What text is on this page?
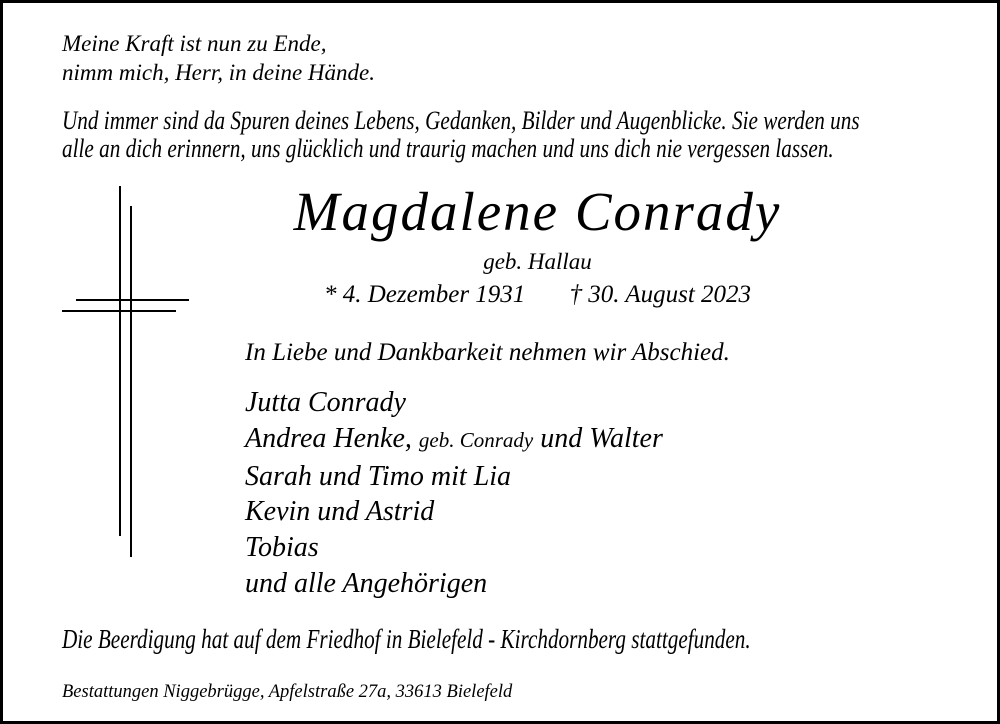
Meine Kraft ist nun zu Ende,
nimm mich, Herr, in deine Hände.
Und immer sind da Spuren deines Lebens, Gedanken, Bilder und Augenblicke. Sie werden uns
alle an dich erinnern, uns glücklich und traurig machen und uns dich nie vergessen lassen.
Magdalene Conrady
geb. Hallau
* 4. Dezember 1931 † 30. August 2023
In Liebe und Dankbarkeit nehmen wir Abschied.
Jutta Conrady
Andrea Henke, geb. Conrady und Walter
Sarah und Timo mit Lia
Kevin und Astrid
Tobias
und alle Angehörigen
Die Beerdigung hat auf dem Friedhof in Bielefeld - Kirchdornberg stattgefunden.
Bestattungen Niggebrügge, Apfelstraße 27a, 33613 Bielefeld
